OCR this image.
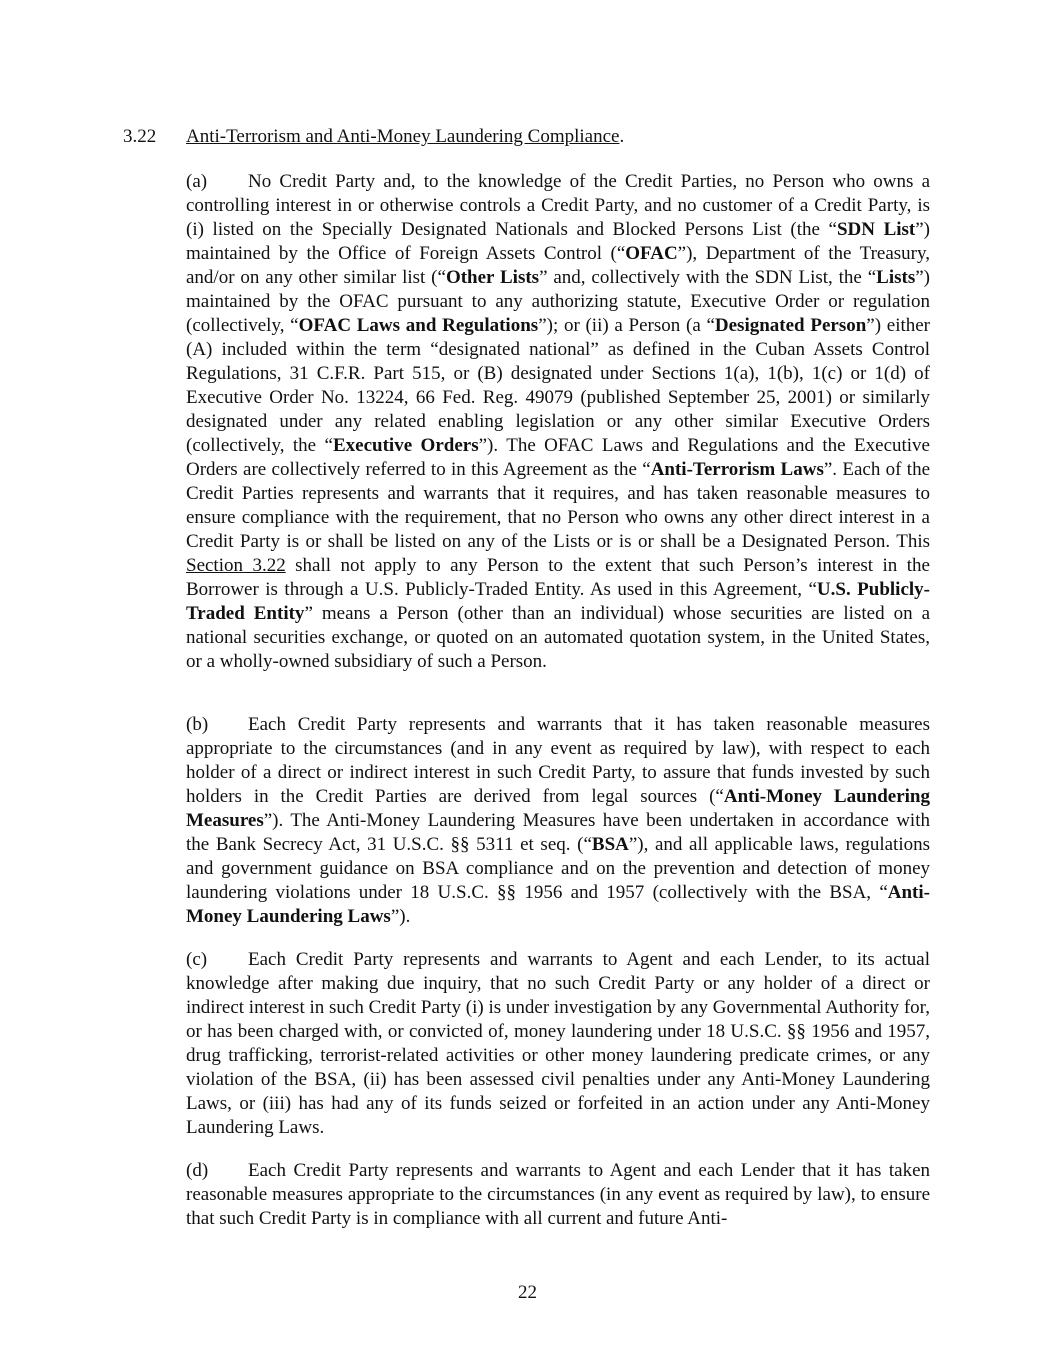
3.22 Anti-Terrorism and Anti-Money Laundering Compliance.

(a) No Credit Party and, to the knowledge of the Credit Parties, no Person who owns a controlling interest in or otherwise controls a Credit Party, and no customer of a Credit Party, is (i) listed on the Specially Designated Nationals and Blocked Persons List (the “SDN List”) maintained by the Office of Foreign Assets Control (“OFAC”), Department of the Treasury, and/or on any other similar list (“Other Lists” and, collectively with the SDN List, the “Lists”) maintained by the OFAC pursuant to any authorizing statute, Executive Order or regulation (collectively, “OFAC Laws and Regulations”); or (ii) a Person (a “Designated Person”) either (A) included within the term “designated national” as defined in the Cuban Assets Control Regulations, 31 C.F.R. Part 515, or (B) designated under Sections 1(a), 1(b), 1(c) or 1(d) of Executive Order No. 13224, 66 Fed. Reg. 49079 (published September 25, 2001) or similarly designated under any related enabling legislation or any other similar Executive Orders (collectively, the “Executive Orders”). The OFAC Laws and Regulations and the Executive Orders are collectively referred to in this Agreement as the “Anti-Terrorism Laws”. Each of the Credit Parties represents and warrants that it requires, and has taken reasonable measures to ensure compliance with the requirement, that no Person who owns any other direct interest in a Credit Party is or shall be listed on any of the Lists or is or shall be a Designated Person. This Section 3.22 shall not apply to any Person to the extent that such Person’s interest in the Borrower is through a U.S. Publicly-Traded Entity. As used in this Agreement, “U.S. Publicly-Traded Entity” means a Person (other than an individual) whose securities are listed on a national securities exchange, or quoted on an automated quotation system, in the United States, or a wholly-owned subsidiary of such a Person.

(b) Each Credit Party represents and warrants that it has taken reasonable measures appropriate to the circumstances (and in any event as required by law), with respect to each holder of a direct or indirect interest in such Credit Party, to assure that funds invested by such holders in the Credit Parties are derived from legal sources (“Anti-Money Laundering Measures”). The Anti-Money Laundering Measures have been undertaken in accordance with the Bank Secrecy Act, 31 U.S.C. §§ 5311 et seq. (“BSA”), and all applicable laws, regulations and government guidance on BSA compliance and on the prevention and detection of money laundering violations under 18 U.S.C. §§ 1956 and 1957 (collectively with the BSA, “Anti-Money Laundering Laws”).

(c) Each Credit Party represents and warrants to Agent and each Lender, to its actual knowledge after making due inquiry, that no such Credit Party or any holder of a direct or indirect interest in such Credit Party (i) is under investigation by any Governmental Authority for, or has been charged with, or convicted of, money laundering under 18 U.S.C. §§ 1956 and 1957, drug trafficking, terrorist-related activities or other money laundering predicate crimes, or any violation of the BSA, (ii) has been assessed civil penalties under any Anti-Money Laundering Laws, or (iii) has had any of its funds seized or forfeited in an action under any Anti-Money Laundering Laws.

(d) Each Credit Party represents and warrants to Agent and each Lender that it has taken reasonable measures appropriate to the circumstances (in any event as required by law), to ensure that such Credit Party is in compliance with all current and future Anti-

22
